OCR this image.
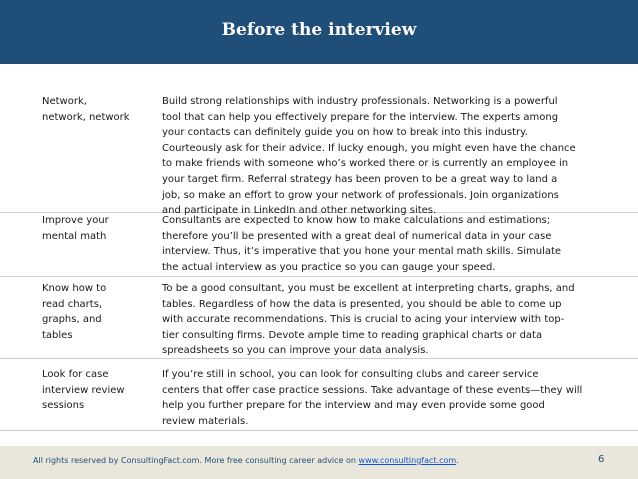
Before the interview
Network,
network, network
Build strong relationships with industry professionals. Networking is a powerful
tool that can help you effectively prepare for the interview. The experts among
your contacts can definitely guide you on how to break into this industry.
Courteously ask for their advice. If lucky enough, you might even have the chance
to make friends with someone who’s worked there or is currently an employee in
your target firm. Referral strategy has been proven to be a great way to land a
job, so make an effort to grow your network of professionals. Join organizations
and participate in LinkedIn and other networking sites.
Improve your
mental math
Consultants are expected to know how to make calculations and estimations;
therefore you’ll be presented with a great deal of numerical data in your case
interview. Thus, it’s imperative that you hone your mental math skills. Simulate
the actual interview as you practice so you can gauge your speed.
Know how to
read charts,
graphs, and
tables
To be a good consultant, you must be excellent at interpreting charts, graphs, and
tables. Regardless of how the data is presented, you should be able to come up
with accurate recommendations. This is crucial to acing your interview with top-
tier consulting firms. Devote ample time to reading graphical charts or data
spreadsheets so you can improve your data analysis.
Look for case
interview review
sessions
If you’re still in school, you can look for consulting clubs and career service
centers that offer case practice sessions. Take advantage of these events—they will
help you further prepare for the interview and may even provide some good
review materials.
All rights reserved by ConsultingFact.com. More free consulting career advice on www.consultingfact.com.	6
